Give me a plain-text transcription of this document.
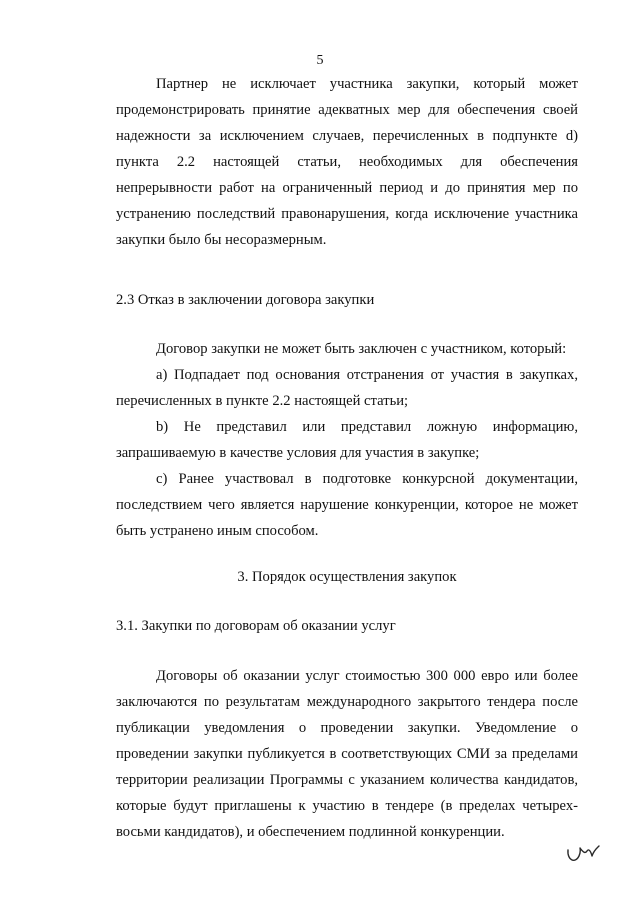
5

Партнер не исключает участника закупки, который может продемонстрировать принятие адекватных мер для обеспечения своей надежности за исключением случаев, перечисленных в подпункте d) пункта 2.2 настоящей статьи, необходимых для обеспечения непрерывности работ на ограниченный период и до принятия мер по устранению последствий правонарушения, когда исключение участника закупки было бы несоразмерным.

2.3 Отказ в заключении договора закупки

Договор закупки не может быть заключен с участником, который:

а) Подпадает под основания отстранения от участия в закупках, перечисленных в пункте 2.2 настоящей статьи;

b) Не представил или представил ложную информацию, запрашиваемую в качестве условия для участия в закупке;

с) Ранее участвовал в подготовке конкурсной документации, последствием чего является нарушение конкуренции, которое не может быть устранено иным способом.

3. Порядок осуществления закупок
3.1. Закупки по договорам об оказании услуг

Договоры об оказании услуг стоимостью 300 000 евро или более заключаются по результатам международного закрытого тендера после публикации уведомления о проведении закупки. Уведомление о проведении закупки публикуется в соответствующих СМИ за пределами территории реализации Программы с указанием количества кандидатов, которые будут приглашены к участию в тендере (в пределах четырех-восьми кандидатов), и обеспечением подлинной конкуренции.
